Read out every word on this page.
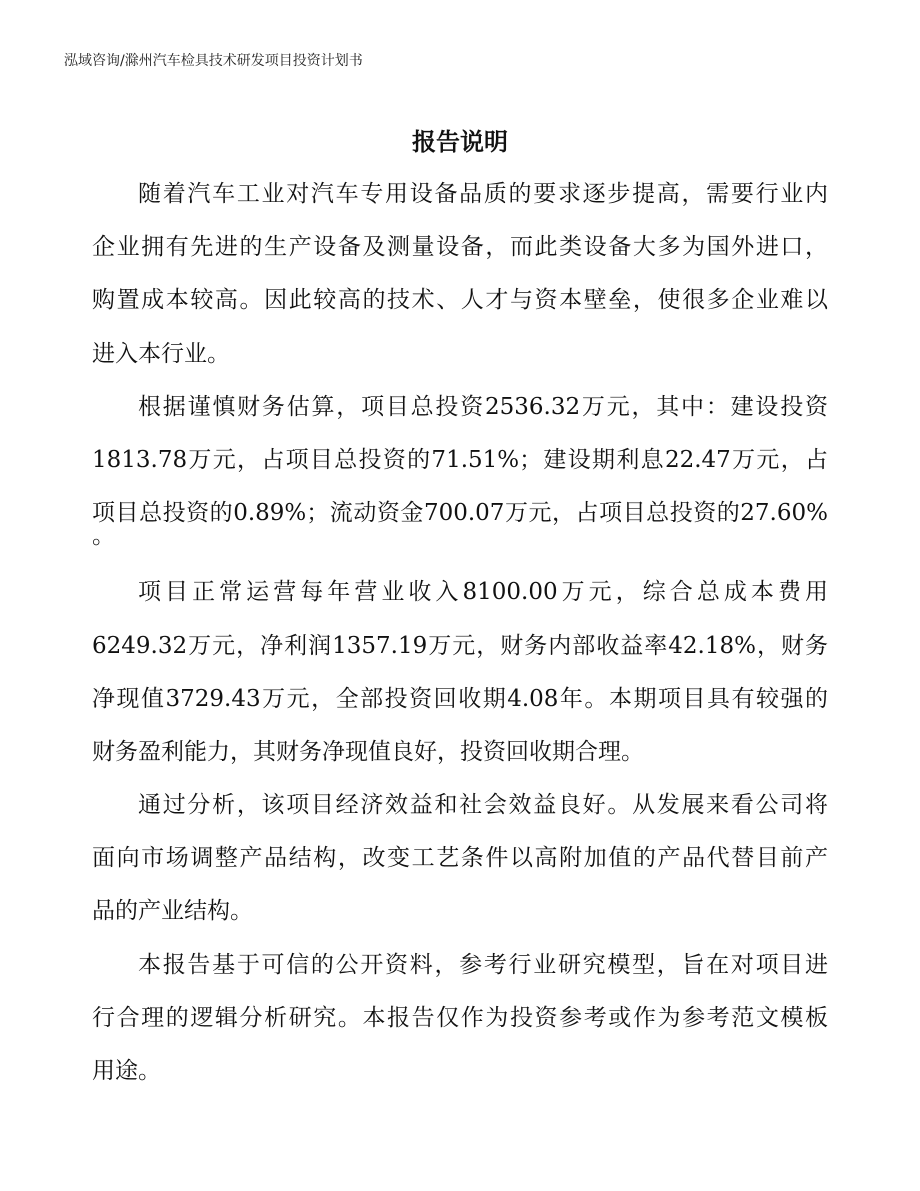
泓域咨询/滁州汽车检具技术研发项目投资计划书
报告说明
随着汽车工业对汽车专用设备品质的要求逐步提高，需要行业内
企业拥有先进的生产设备及测量设备，而此类设备大多为国外进口，
购置成本较高。因此较高的技术、人才与资本壁垒，使很多企业难以
进入本行业。
根据谨慎财务估算，项目总投资2536.32万元，其中：建设投资
1813.78万元，占项目总投资的71.51%；建设期利息22.47万元，占
项目总投资的0.89%；流动资金700.07万元，占项目总投资的27.60%
。
项目正常运营每年营业收入8100.00万元，综合总成本费用
6249.32万元，净利润1357.19万元，财务内部收益率42.18%，财务
净现值3729.43万元，全部投资回收期4.08年。本期项目具有较强的
财务盈利能力，其财务净现值良好，投资回收期合理。
通过分析，该项目经济效益和社会效益良好。从发展来看公司将
面向市场调整产品结构，改变工艺条件以高附加值的产品代替目前产
品的产业结构。
本报告基于可信的公开资料，参考行业研究模型，旨在对项目进
行合理的逻辑分析研究。本报告仅作为投资参考或作为参考范文模板
用途。
